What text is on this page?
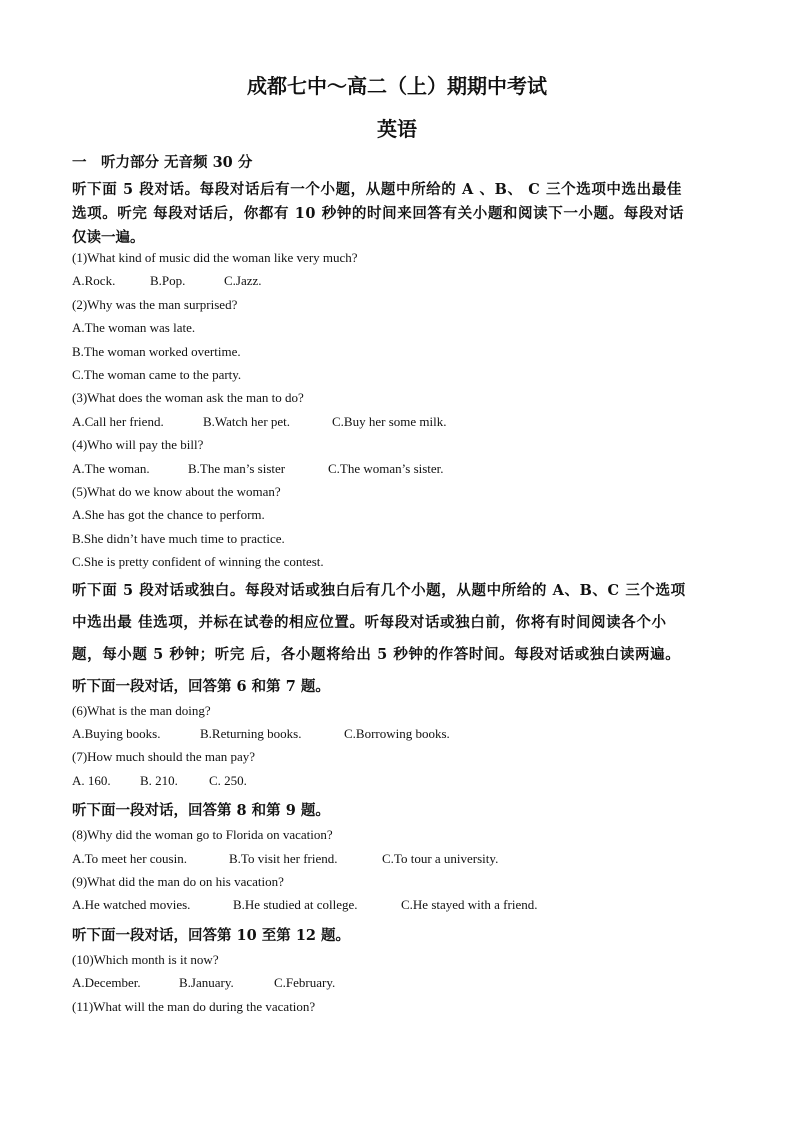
成都七中～高二（上）期期中考试
英语
一　听力部分 无音频 30 分
听下面 5 段对话。每段对话后有一个小题，从题中所给的 A 、B、 C 三个选项中选出最佳
选项。听完 每段对话后，你都有 10 秒钟的时间来回答有关小题和阅读下一小题。每段对话
仅读一遍。
(1)What kind of music did the woman like very much?
A.Rock.	B.Pop.	C.Jazz.
(2)Why was the man surprised?
A.The woman was late.
B.The woman worked overtime.
C.The woman came to the party.
(3)What does the woman ask the man to do?
A.Call her friend.	B.Watch her pet.	C.Buy her some milk.
(4)Who will pay the bill?
A.The woman.	B.The man’s sister	C.The woman’s sister.
(5)What do we know about the woman?
A.She has got the chance to perform.
B.She didn’t have much time to practice.
C.She is pretty confident of winning the contest.
听下面 5 段对话或独白。每段对话或独白后有几个小题，从题中所给的 A、B、C 三个选项
中选出最 佳选项，并标在试卷的相应位置。听每段对话或独白前，你将有时间阅读各个小
题，每小题 5 秒钟；听完 后，各小题将给出 5 秒钟的作答时间。每段对话或独白读两遍。
听下面一段对话，回答第 6 和第 7 题。
(6)What is the man doing?
A.Buying books.	B.Returning books.	C.Borrowing books.
(7)How much should the man pay?
A. 160. B. 210. C. 250.
听下面一段对话，回答第 8 和第 9 题。
(8)Why did the woman go to Florida on vacation?
A.To meet her cousin.	B.To visit her friend.	C.To tour a university.
(9)What did the man do on his vacation?
A.He watched movies.	B.He studied at college.	C.He stayed with a friend.
听下面一段对话，回答第 10 至第 12 题。
(10)Which month is it now?
A.December.	B.January.	C.February.
(11)What will the man do during the vacation?
